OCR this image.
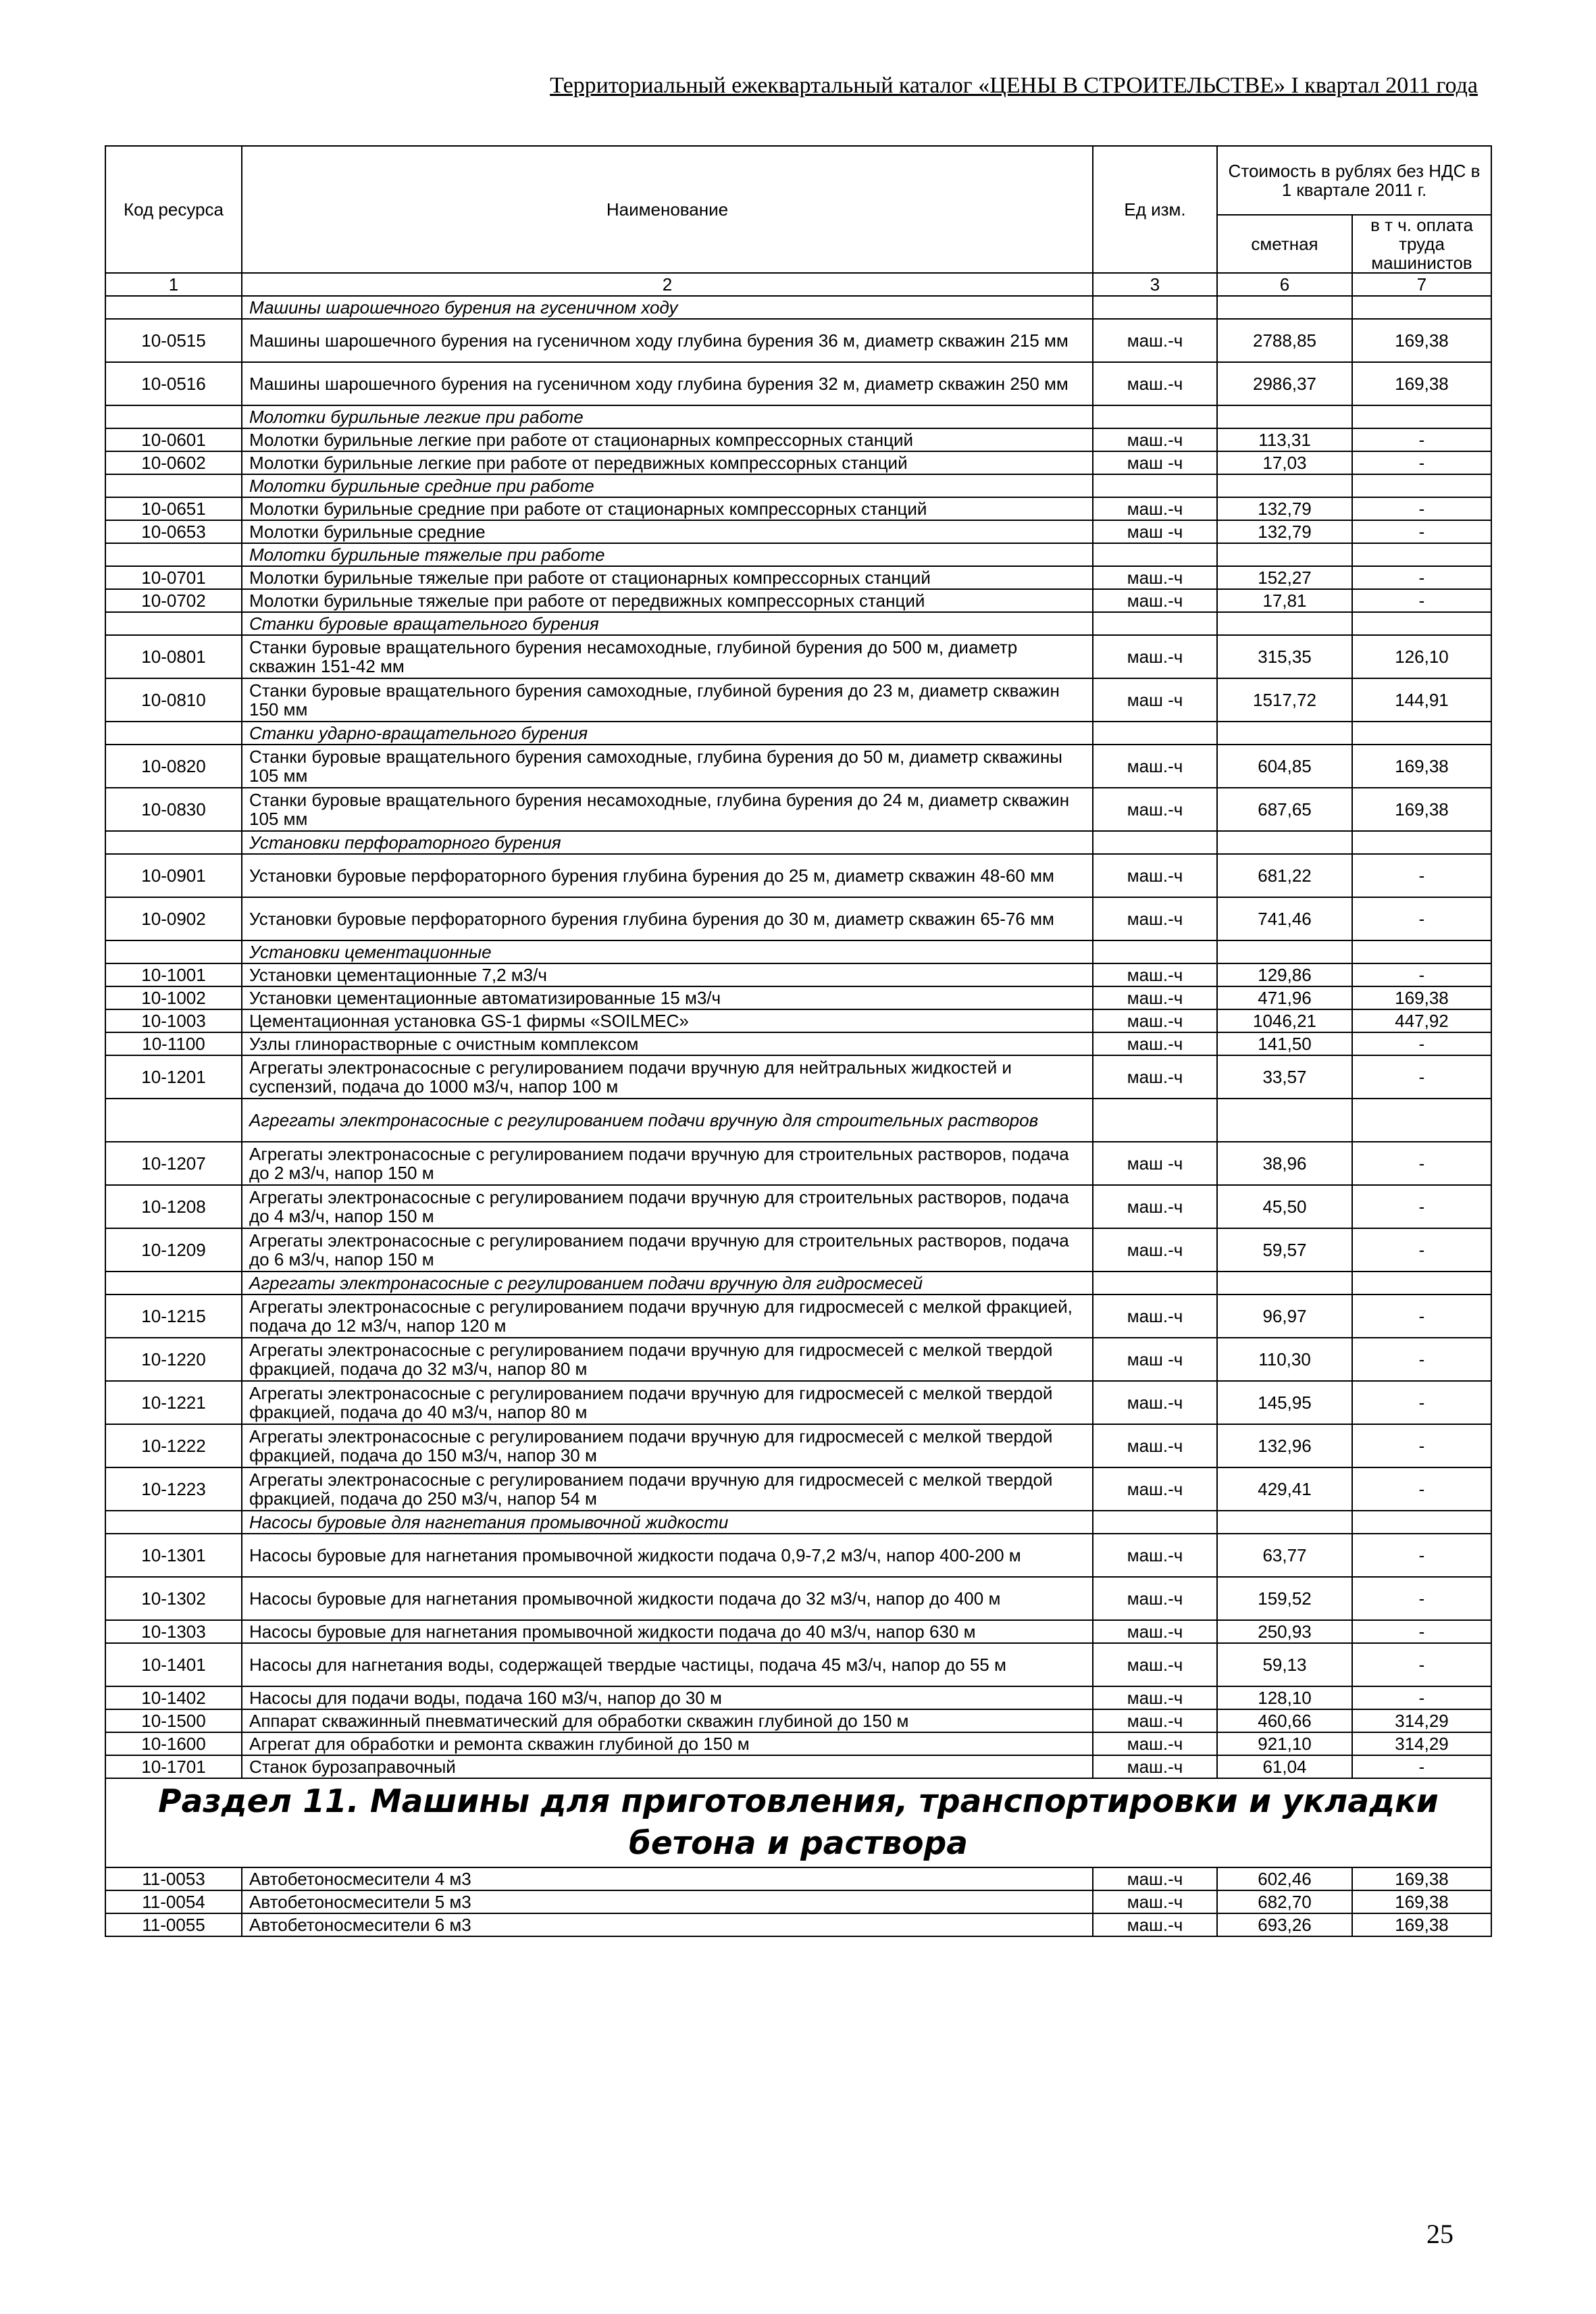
Территориальный ежеквартальный каталог «ЦЕНЫ В СТРОИТЕЛЬСТВЕ» I квартал 2011 года
Код ресурса	Наименование	Ед изм.	Стоимость в рублях без НДС в 1 квартале 2011 г.	
			сметная	в т ч. оплата труда машинистов
1	2	3	6	7
	Машины шарошечного бурения на гусеничном ходу			
10-0515	Машины шарошечного бурения на гусеничном ходу глубина бурения 36 м, диаметр скважин 215 мм	маш.-ч	2788,85	169,38
10-0516	Машины шарошечного бурения на гусеничном ходу глубина бурения 32 м, диаметр скважин 250 мм	маш.-ч	2986,37	169,38
	Молотки бурильные легкие при работе			
10-0601	Молотки бурильные легкие при работе от стационарных компрессорных станций	маш.-ч	113,31	-
10-0602	Молотки бурильные легкие при работе от передвижных компрессорных станций	маш -ч	17,03	-
	Молотки бурильные средние при работе			
10-0651	Молотки бурильные средние при работе от стационарных компрессорных станций	маш.-ч	132,79	-
10-0653	Молотки бурильные средние	маш -ч	132,79	-
	Молотки бурильные тяжелые при работе			
10-0701	Молотки бурильные тяжелые при работе от стационарных компрессорных станций	маш.-ч	152,27	-
10-0702	Молотки бурильные тяжелые при работе от передвижных компрессорных станций	маш.-ч	17,81	-
	Станки буровые вращательного бурения			
10-0801	Станки буровые вращательного бурения несамоходные, глубиной бурения до 500 м, диаметр скважин 151-42 мм	маш.-ч	315,35	126,10
10-0810	Станки буровые вращательного бурения самоходные, глубиной бурения до 23 м, диаметр скважин 150 мм	маш -ч	1517,72	144,91
	Станки ударно-вращательного бурения			
10-0820	Станки буровые вращательного бурения самоходные, глубина бурения до 50 м, диаметр скважины 105 мм	маш.-ч	604,85	169,38
10-0830	Станки буровые вращательного бурения несамоходные, глубина бурения до 24 м, диаметр скважин 105 мм	маш.-ч	687,65	169,38
	Установки перфораторного бурения			
10-0901	Установки буровые перфораторного бурения глубина бурения до 25 м, диаметр скважин 48-60 мм	маш.-ч	681,22	-
10-0902	Установки буровые перфораторного бурения глубина бурения до 30 м, диаметр скважин 65-76 мм	маш.-ч	741,46	-
	Установки цементационные			
10-1001	Установки цементационные 7,2 м3/ч	маш.-ч	129,86	-
10-1002	Установки цементационные автоматизированные 15 м3/ч	маш.-ч	471,96	169,38
10-1003	Цементационная установка GS-1 фирмы «SOILMEC»	маш.-ч	1046,21	447,92
10-1100	Узлы глинорастворные с очистным комплексом	маш.-ч	141,50	-
10-1201	Агрегаты электронасосные с регулированием подачи вручную для нейтральных жидкостей и суспензий, подача до 1000 м3/ч, напор 100 м	маш.-ч	33,57	-
	Агрегаты электронасосные с регулированием подачи вручную для строительных растворов			
10-1207	Агрегаты электронасосные с регулированием подачи вручную для строительных растворов, подача до 2 м3/ч, напор 150 м	маш -ч	38,96	-
10-1208	Агрегаты электронасосные с регулированием подачи вручную для строительных растворов, подача до 4 м3/ч, напор 150 м	маш.-ч	45,50	-
10-1209	Агрегаты электронасосные с регулированием подачи вручную для строительных растворов, подача до 6 м3/ч, напор 150 м	маш.-ч	59,57	-
	Агрегаты электронасосные с регулированием подачи вручную для гидросмесей			
10-1215	Агрегаты электронасосные с регулированием подачи вручную для гидросмесей с мелкой фракцией, подача до 12 м3/ч, напор 120 м	маш.-ч	96,97	-
10-1220	Агрегаты электронасосные с регулированием подачи вручную для гидросмесей с мелкой твердой фракцией, подача до 32 м3/ч, напор 80 м	маш -ч	110,30	-
10-1221	Агрегаты электронасосные с регулированием подачи вручную для гидросмесей с мелкой твердой фракцией, подача до 40 м3/ч, напор 80 м	маш.-ч	145,95	-
10-1222	Агрегаты электронасосные с регулированием подачи вручную для гидросмесей с мелкой твердой фракцией, подача до 150 м3/ч, напор 30 м	маш.-ч	132,96	-
10-1223	Агрегаты электронасосные с регулированием подачи вручную для гидросмесей с мелкой твердой фракцией, подача до 250 м3/ч, напор 54 м	маш.-ч	429,41	-
	Насосы буровые для нагнетания промывочной жидкости			
10-1301	Насосы буровые для нагнетания промывочной жидкости подача 0,9-7,2 м3/ч, напор 400-200 м	маш.-ч	63,77	-
10-1302	Насосы буровые для нагнетания промывочной жидкости подача до 32 м3/ч, напор до 400 м	маш.-ч	159,52	-
10-1303	Насосы буровые для нагнетания промывочной жидкости подача до 40 м3/ч, напор 630 м	маш.-ч	250,93	-
10-1401	Насосы для нагнетания воды, содержащей твердые частицы, подача 45 м3/ч, напор до 55 м	маш.-ч	59,13	-
10-1402	Насосы для подачи воды, подача 160 м3/ч, напор до 30 м	маш.-ч	128,10	-
10-1500	Аппарат скважинный пневматический для обработки скважин глубиной до 150 м	маш.-ч	460,66	314,29
10-1600	Агрегат для обработки и ремонта скважин глубиной до 150 м	маш.-ч	921,10	314,29
10-1701	Станок бурозаправочный	маш.-ч	61,04	-
Раздел 11. Машины для приготовления, транспортировки и укладки бетона и раствора				
11-0053	Автобетоносмесители 4 м3	маш.-ч	602,46	169,38
11-0054	Автобетоносмесители 5 м3	маш.-ч	682,70	169,38
11-0055	Автобетоносмесители 6 м3	маш.-ч	693,26	169,38
25
